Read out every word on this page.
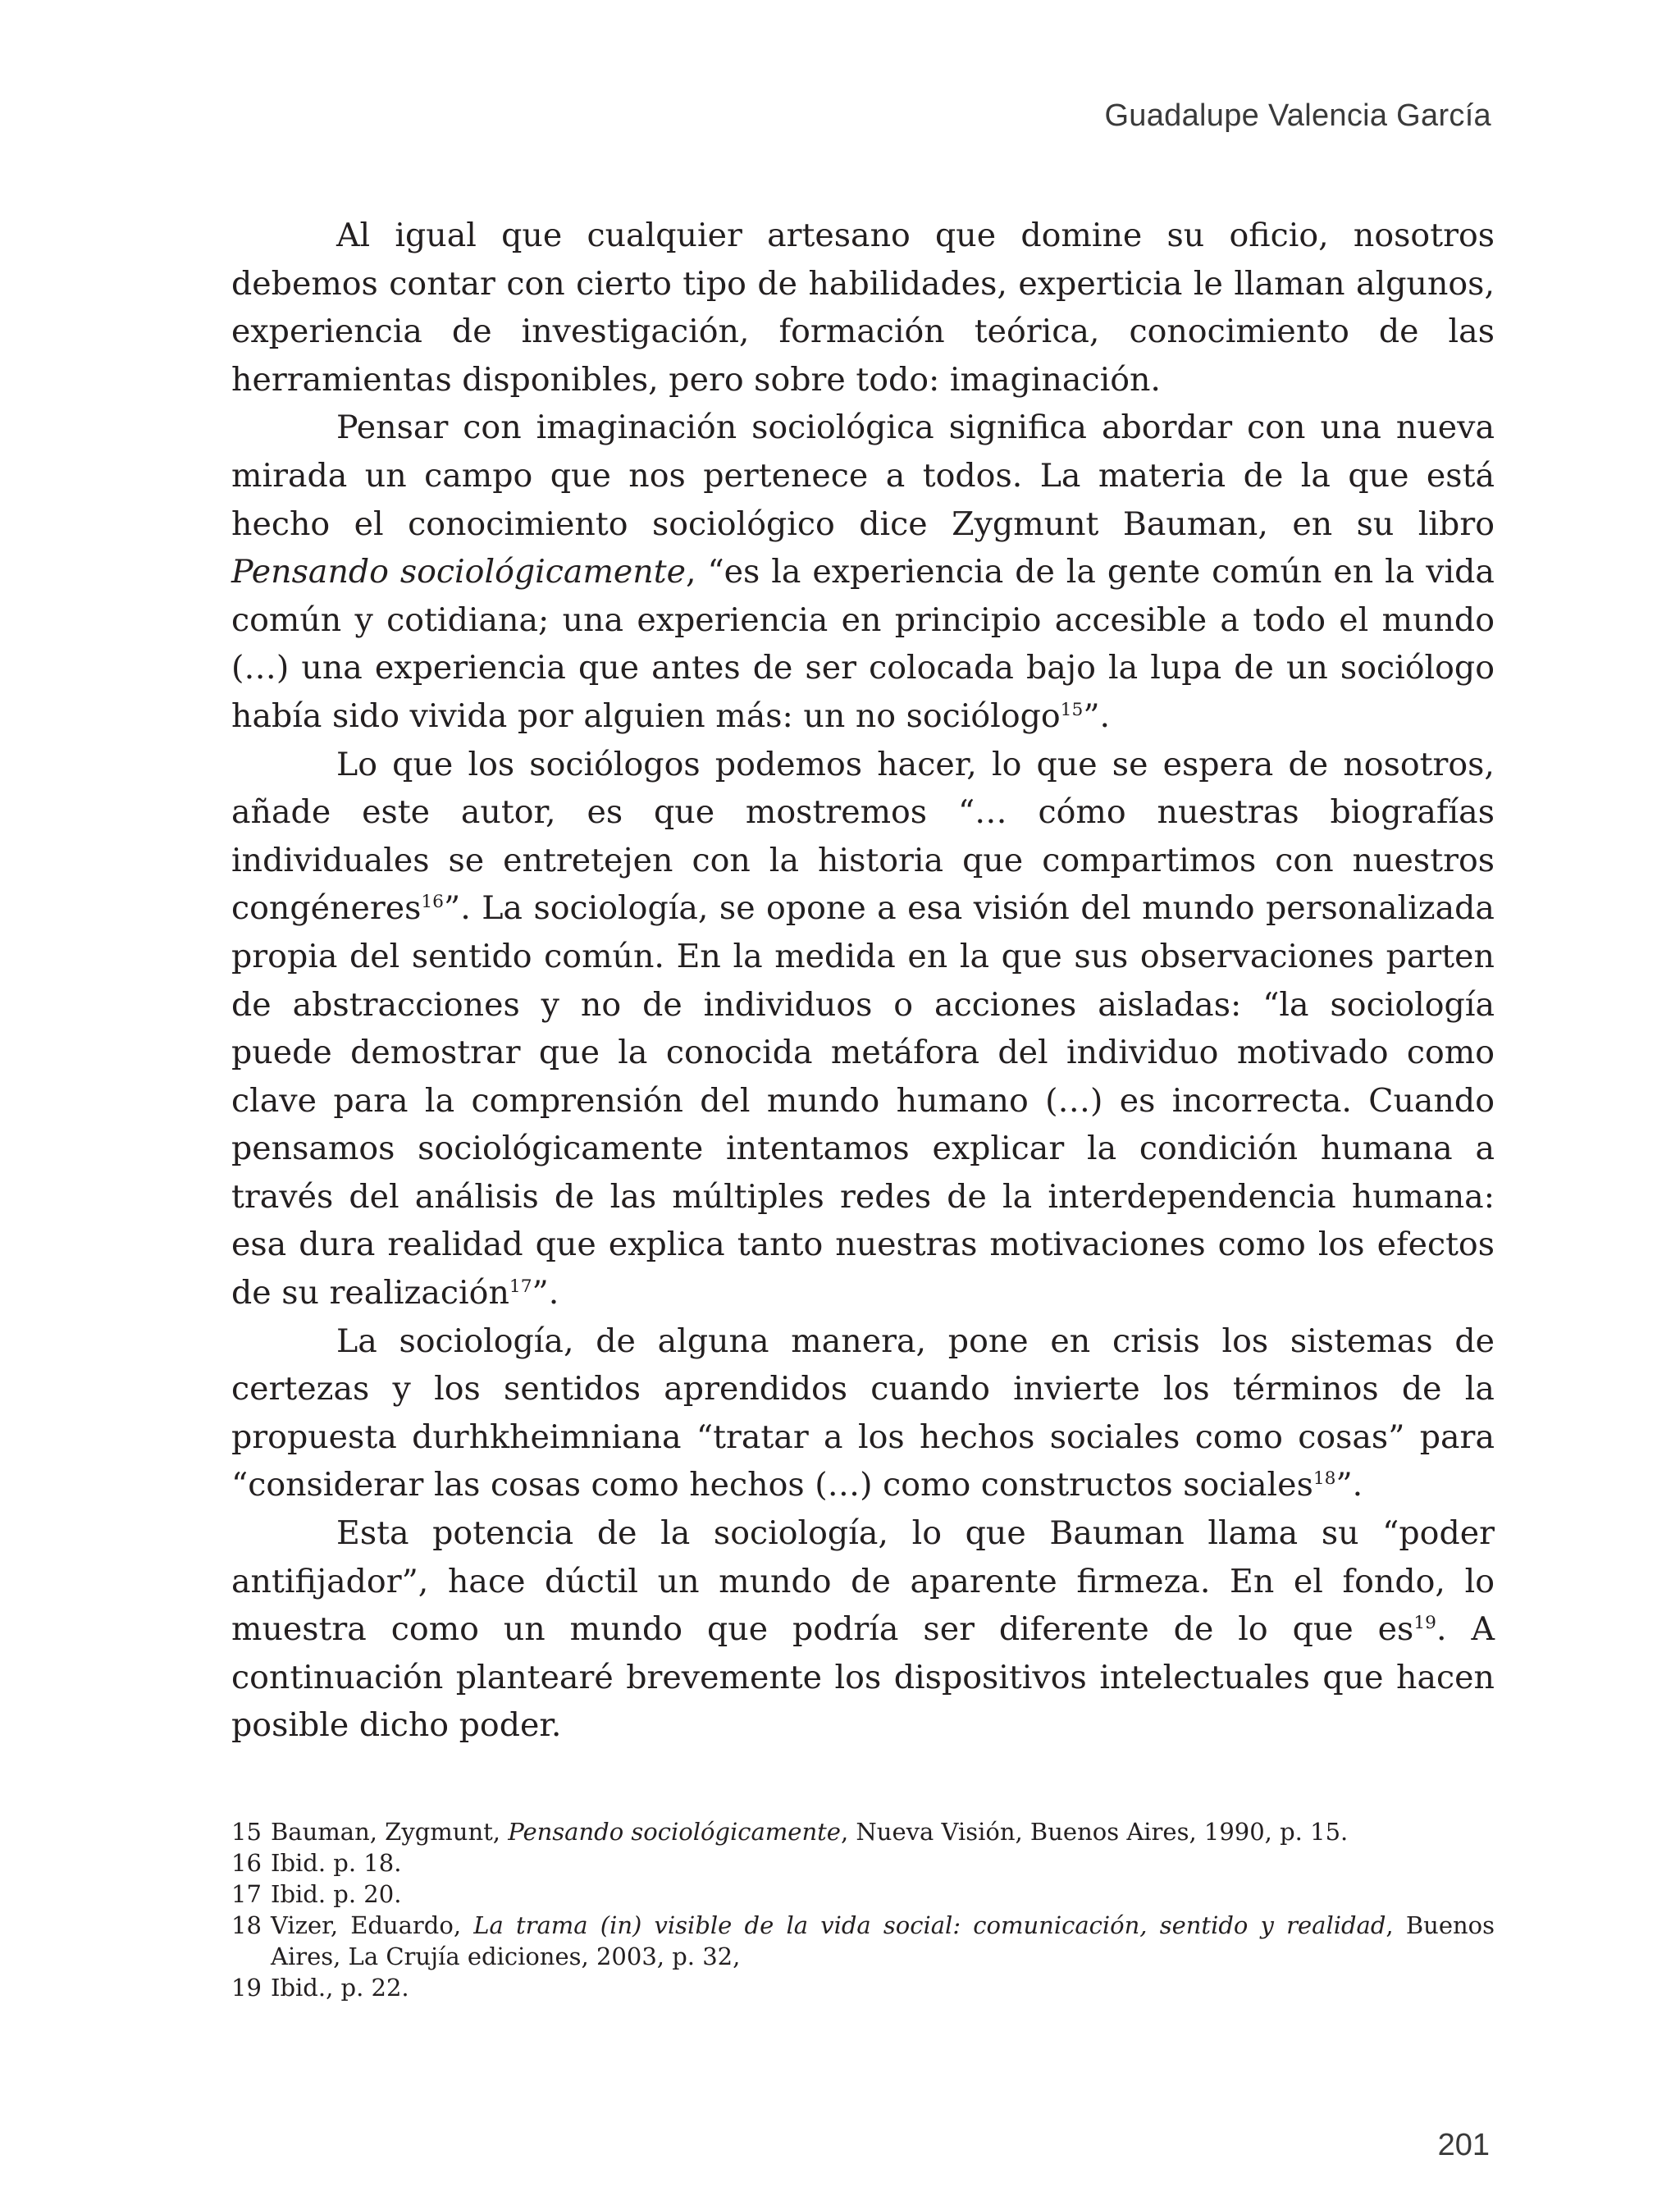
Guadalupe Valencia García

Al igual que cualquier artesano que domine su oficio, nosotros debemos contar con cierto tipo de habilidades, experticia le llaman algunos, experiencia de investigación, formación teórica, conocimiento de las herramientas disponibles, pero sobre todo: imaginación.

Pensar con imaginación sociológica significa abordar con una nueva mirada un campo que nos pertenece a todos. La materia de la que está hecho el conocimiento sociológico dice Zygmunt Bauman, en su libro Pensando sociológicamente, “es la experiencia de la gente común en la vida común y cotidiana; una experiencia en principio accesible a todo el mundo (…) una experiencia que antes de ser colocada bajo la lupa de un sociólogo había sido vivida por alguien más: un no sociólogo$^{15}$”.

Lo que los sociólogos podemos hacer, lo que se espera de nosotros, añade este autor, es que mostremos “… cómo nuestras biografías individuales se entretejen con la historia que compartimos con nuestros congéneres$^{16}$”. La sociología, se opone a esa visión del mundo personalizada propia del sentido común. En la medida en la que sus observaciones parten de abstracciones y no de individuos o acciones aisladas: “la sociología puede demostrar que la conocida metáfora del individuo motivado como clave para la comprensión del mundo humano (…) es incorrecta. Cuando pensamos sociológicamente intentamos explicar la condición humana a través del análisis de las múltiples redes de la interdependencia humana: esa dura realidad que explica tanto nuestras motivaciones como los efectos de su realización$^{17}$”.

La sociología, de alguna manera, pone en crisis los sistemas de certezas y los sentidos aprendidos cuando invierte los términos de la propuesta durhkheimniana “tratar a los hechos sociales como cosas” para “considerar las cosas como hechos (…) como constructos sociales$^{18}$”.

Esta potencia de la sociología, lo que Bauman llama su “poder antifijador”, hace dúctil un mundo de aparente firmeza. En el fondo, lo muestra como un mundo que podría ser diferente de lo que $es^{19}$. A continuación plantearé brevemente los dispositivos intelectuales que hacen posible dicho poder.

15 Bauman, Zygmunt, Pensando sociológicamente, Nueva Visión, Buenos Aires, 1990, p. 15.
16 Ibid. p. 18.
17 Ibid. p. 20.
18 Vizer, Eduardo, La trama (in) visible de la vida social: comunicación, sentido y realidad, Buenos Aires, La Crujía ediciones, 2003, p. 32,
19 Ibid., p. 22.
201
